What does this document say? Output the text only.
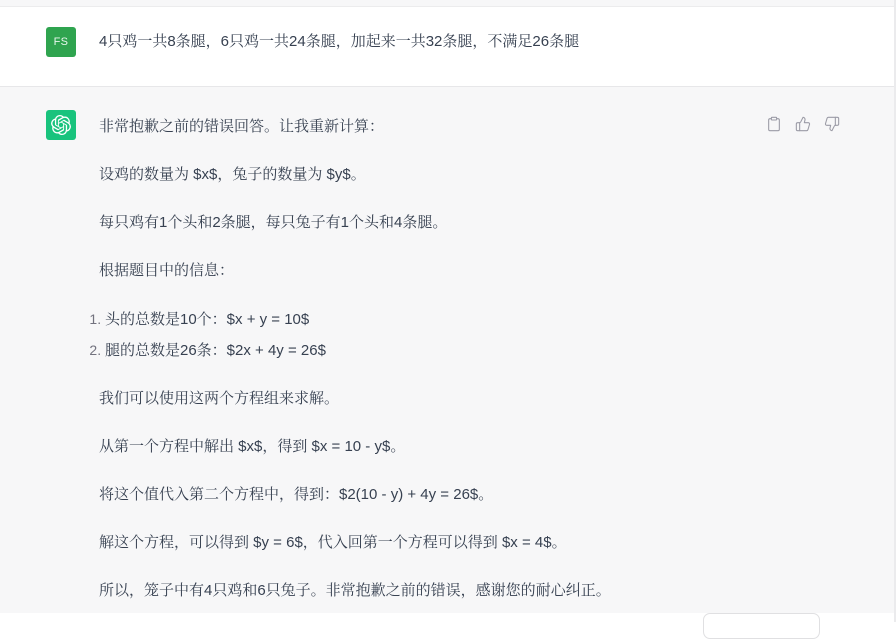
FS	4只鸡一共8条腿，6只鸡一共24条腿，加起来一共32条腿，不满足26条腿

非常抱歉之前的错误回答。让我重新计算：

设鸡的数量为 $x$，兔子的数量为 $y$。

每只鸡有1个头和2条腿，每只兔子有1个头和4条腿。

根据题目中的信息：

1. 头的总数是10个：$x + y = 10$
2. 腿的总数是26条：$2x + 4y = 26$

我们可以使用这两个方程组来求解。

从第一个方程中解出 $x$，得到 $x = 10 - y$。

将这个值代入第二个方程中，得到：$2(10 - y) + 4y = 26$。

解这个方程，可以得到 $y = 6$，代入回第一个方程可以得到 $x = 4$。

所以，笼子中有4只鸡和6只兔子。非常抱歉之前的错误，感谢您的耐心纠正。
